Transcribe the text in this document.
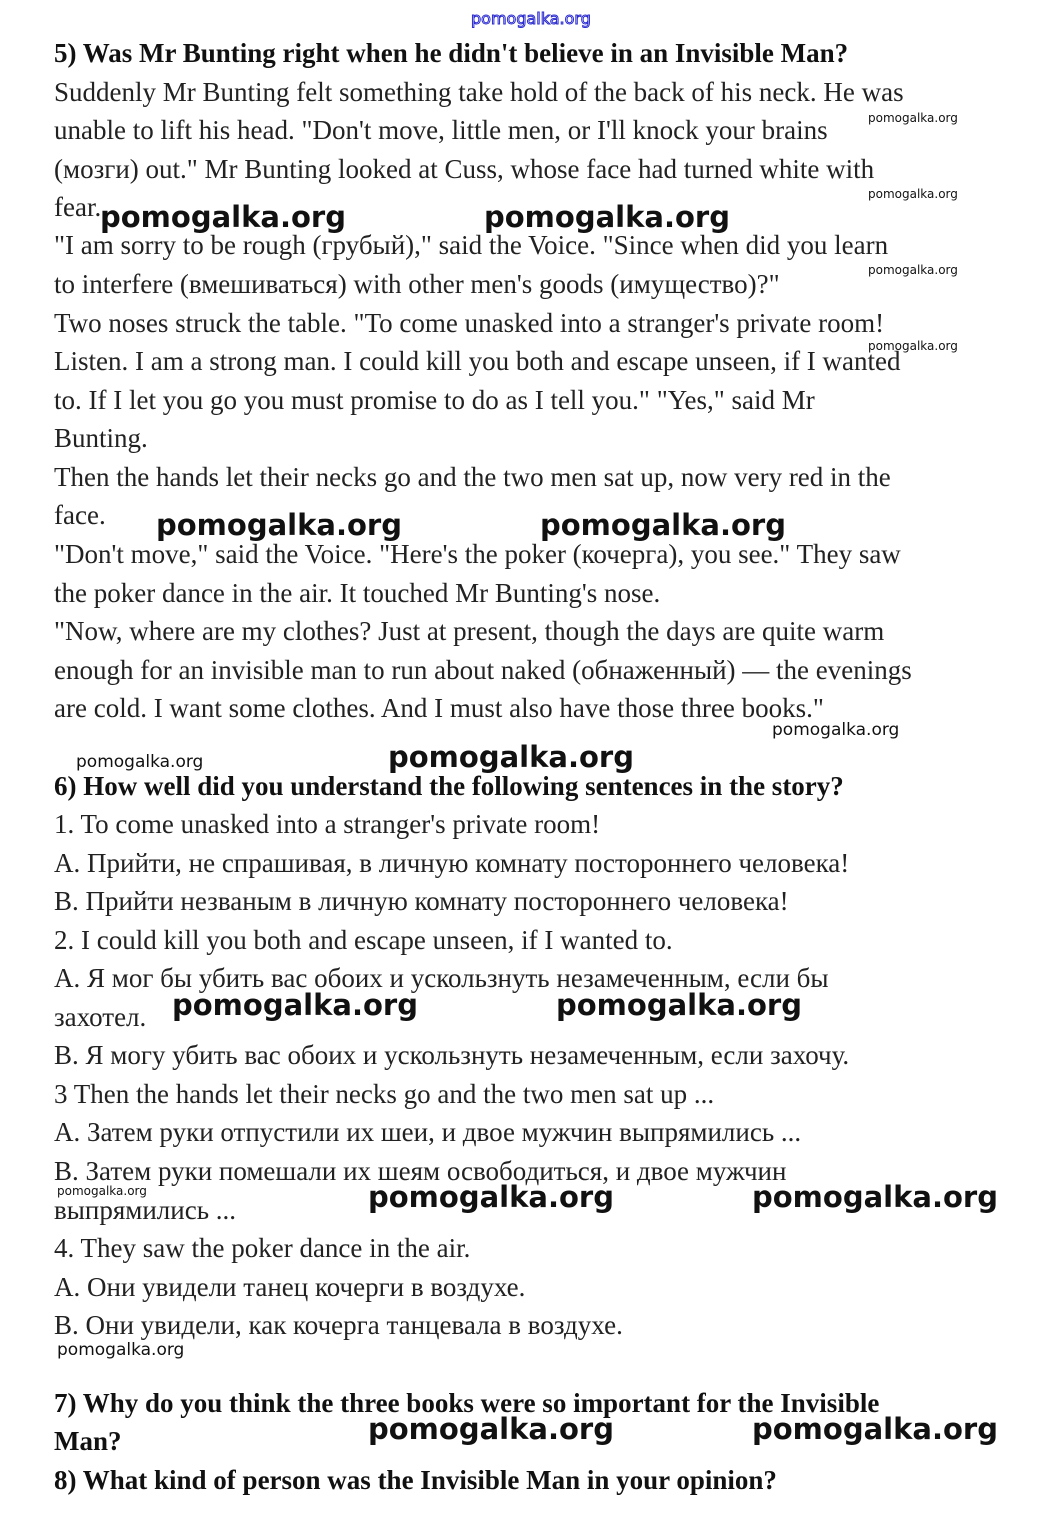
pomogalka.org
5) Was Mr Bunting right when he didn't believe in an Invisible Man?
Suddenly Mr Bunting felt something take hold of the back of his neck. He was
unable to lift his head. "Don't move, little men, or I'll knock your brains
(мозги) out." Mr Bunting looked at Cuss, whose face had turned white with
fear.
"I am sorry to be rough (грубый)," said the Voice. "Since when did you learn
to interfere (вмешиваться) with other men's goods (имущество)?"
Two noses struck the table. "To come unasked into a stranger's private room!
Listen. I am a strong man. I could kill you both and escape unseen, if I wanted
to. If I let you go you must promise to do as I tell you." "Yes," said Mr
Bunting.
Then the hands let their necks go and the two men sat up, now very red in the
face.
"Don't move," said the Voice. "Here's the poker (кочерга), you see." They saw
the poker dance in the air. It touched Mr Bunting's nose.
"Now, where are my clothes? Just at present, though the days are quite warm
enough for an invisible man to run about naked (обнаженный) — the evenings
are cold. I want some clothes. And I must also have those three books."
6) How well did you understand the following sentences in the story?
1. To come unasked into a stranger's private room!
A. Прийти, не спрашивая, в личную комнату постороннего человека!
B. Прийти незваным в личную комнату постороннего человека!
2. I could kill you both and escape unseen, if I wanted to.
A. Я мог бы убить вас обоих и ускользнуть незамеченным, если бы
захотел.
B. Я могу убить вас обоих и ускользнуть незамеченным, если захочу.
3 Then the hands let their necks go and the two men sat up ...
A. Затем руки отпустили их шеи, и двое мужчин выпрямились ...
B. Затем руки помешали их шеям освободиться, и двое мужчин
выпрямились ...
4. They saw the poker dance in the air.
A. Они увидели танец кочерги в воздухе.
B. Они увидели, как кочерга танцевала в воздухе.
7) Why do you think the three books were so important for the Invisible
Man?
8) What kind of person was the Invisible Man in your opinion?
pomogalka.org	pomogalka.org
pomogalka.org	pomogalka.org
pomogalka.org
pomogalka.org	pomogalka.org
pomogalka.org	pomogalka.org
pomogalka.org	pomogalka.org
pomogalka.org
pomogalka.org
pomogalka.org
pomogalka.org
pomogalka.org
pomogalka.org
pomogalka.org
pomogalka.org
